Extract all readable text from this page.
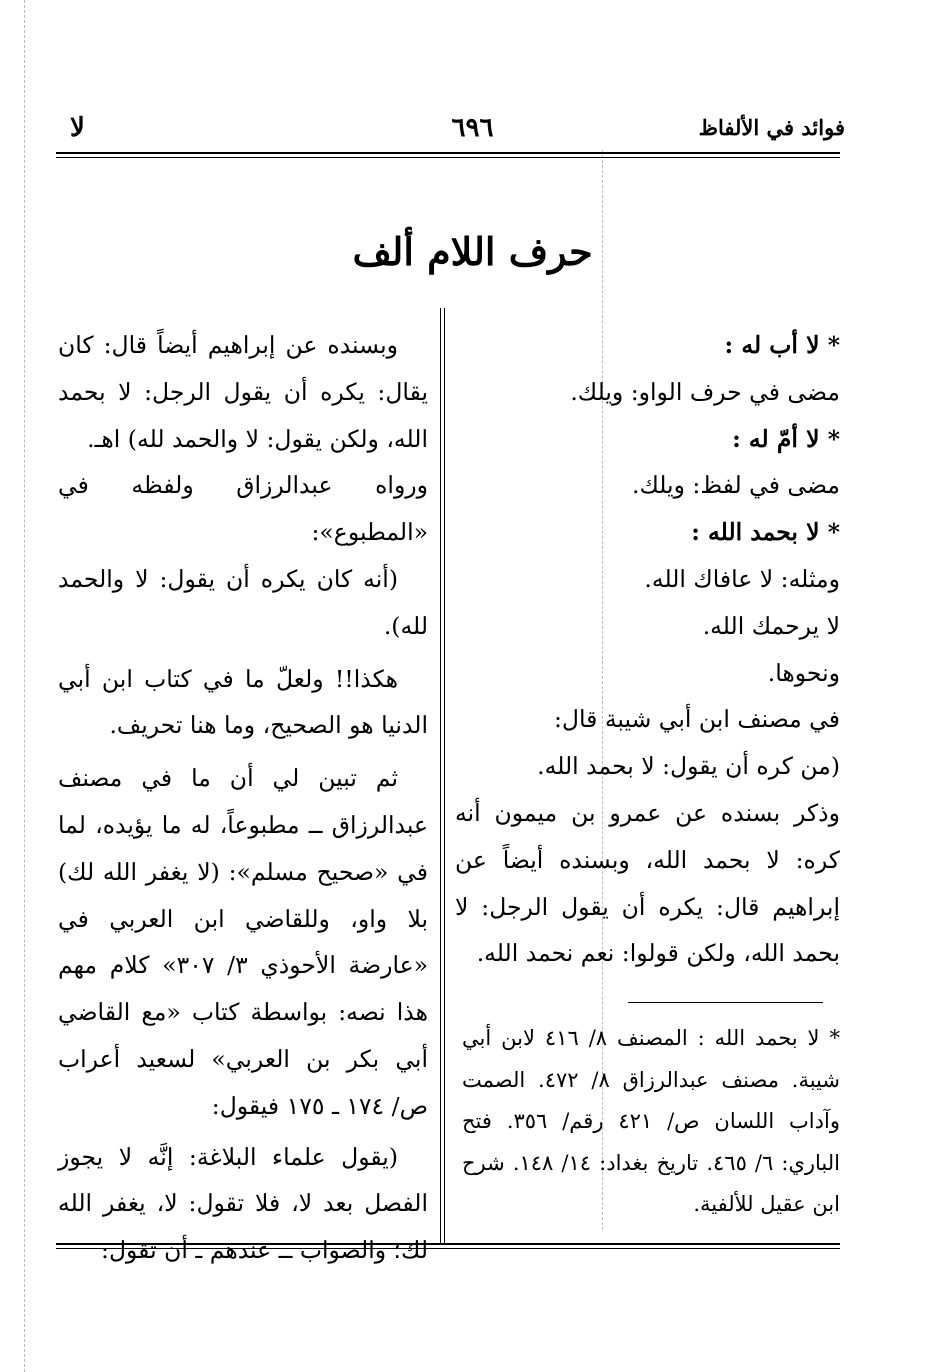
فوائد في الألفاظ
٦٩٦
لا
حرف اللام ألف

* لا أب له :

مضى في حرف الواو: ويلك.

* لا أمّ له :

مضى في لفظ: ويلك.

* لا بحمد الله :

ومثله: لا عافاك الله.

لا يرحمك الله.

ونحوها.

في مصنف ابن أبي شيبة قال:

(من كره أن يقول: لا بحمد الله.

وذكر بسنده عن عمرو بن ميمون أنه كره: لا بحمد الله، وبسنده أيضاً عن إبراهيم قال: يكره أن يقول الرجل: لا بحمد الله، ولكن قولوا: نعم نحمد الله.

* لا بحمد الله : المصنف ٨/ ٤١٦ لابن أبي شيبة. مصنف عبدالرزاق ٨/ ٤٧٢. الصمت وآداب اللسان ص/ ٤٢١ رقم/ ٣٥٦. فتح الباري: ٦/ ٤٦٥. تاريخ بغداد: ١٤/ ١٤٨. شرح ابن عقيل للألفية.

وبسنده عن إبراهيم أيضاً قال: كان يقال: يكره أن يقول الرجل: لا بحمد الله، ولكن يقول: لا والحمد لله) اهـ.

ورواه عبدالرزاق ولفظه في «المطبوع»:

(أنه كان يكره أن يقول: لا والحمد لله).

هكذا!! ولعلّ ما في كتاب ابن أبي الدنيا هو الصحيح، وما هنا تحريف.

ثم تبين لي أن ما في مصنف عبدالرزاق ــ مطبوعاً، له ما يؤيده، لما في «صحيح مسلم»: (لا يغفر الله لك) بلا واو، وللقاضي ابن العربي في «عارضة الأحوذي ٣/ ٣٠٧» كلام مهم هذا نصه: بواسطة كتاب «مع القاضي أبي بكر بن العربي» لسعيد أعراب ص/ ١٧٤ ـ ١٧٥ فيقول:

(يقول علماء البلاغة: إنَّه لا يجوز الفصل بعد لا، فلا تقول: لا، يغفر الله لك؛ والصواب ــ عندهم ـ أن تقول:
